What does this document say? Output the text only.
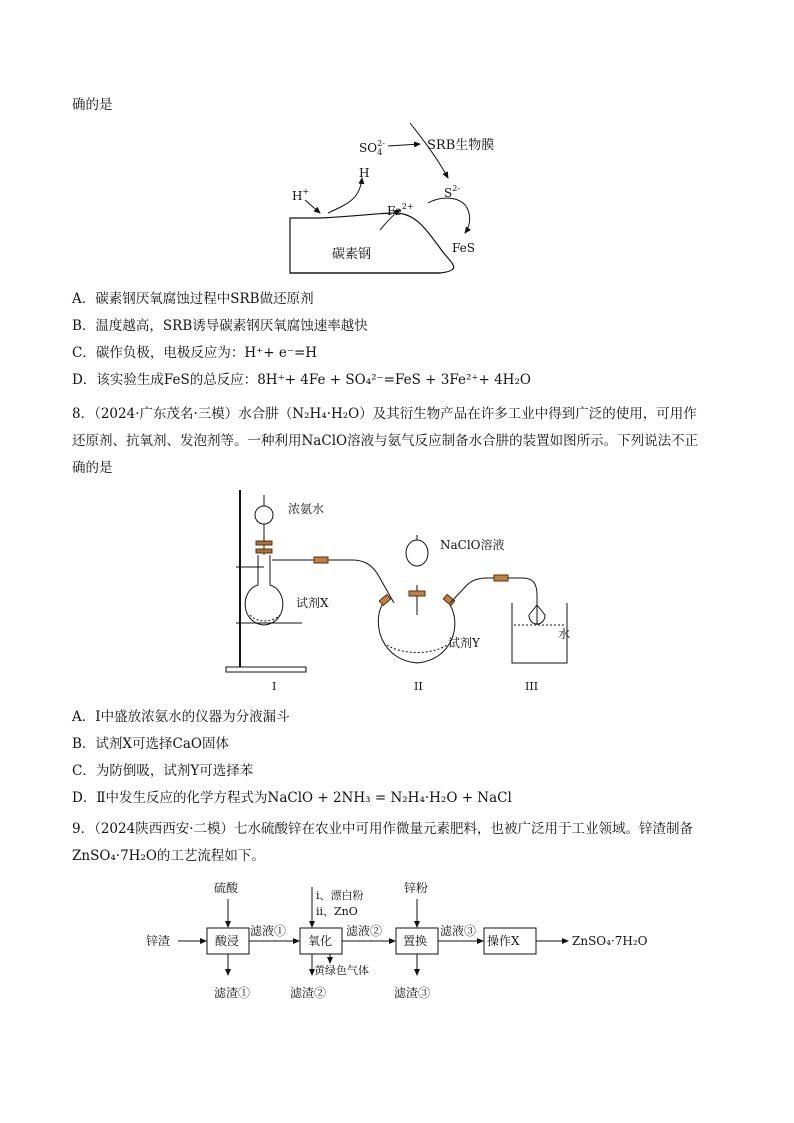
确的是
$SO_42-$	SRB生物膜
H
H+	$S^{2-}$
$Fe^{2+}$
FeS
碳素钢
A．碳素钢厌氧腐蚀过程中SRB做还原剂
B．温度越高，SRB诱导碳素钢厌氧腐蚀速率越快
C．碳作负极，电极反应为：H⁺+ e⁻=H
D．该实验生成FeS的总反应：8H⁺+ 4Fe + SO₄²⁻=FeS + 3Fe²⁺+ 4H₂O
8．（2024·广东茂名·三模）水合肼（N₂H₄·H₂O）及其衍生物产品在许多工业中得到广泛的使用，可用作
还原剂、抗氧剂、发泡剂等。一种利用NaClO溶液与氨气反应制备水合肼的装置如图所示。下列说法不正
确的是
浓氨水
试剂X
NaClO溶液
试剂Y
水
I	II	III
A．Ⅰ中盛放浓氨水的仪器为分液漏斗
B．试剂X可选择CaO固体
C．为防倒吸，试剂Y可选择苯
D．Ⅱ中发生反应的化学方程式为NaClO + 2NH₃ = N₂H₄·H₂O + NaCl
9．（2024陕西西安·二模）七水硫酸锌在农业中可用作微量元素肥料，也被广泛用于工业领域。锌渣制备
ZnSO₄·7H₂O的工艺流程如下。
硫酸
锌渣	酸浸
滤液①
滤渣①
i、漂白粉
ii、ZnO
氧化
黄绿色气体
滤渣②
滤液②
锌粉
置换
滤渣③
滤液③
操作X	ZnSO₄·7H₂O
